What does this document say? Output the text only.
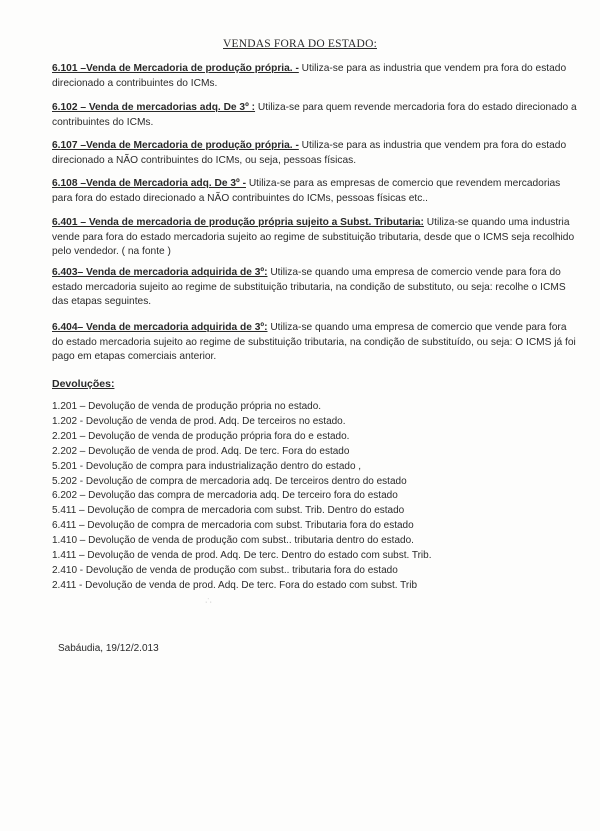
VENDAS FORA DO ESTADO:
6.101 –Venda de Mercadoria de produção própria. - Utiliza-se para as industria que vendem pra fora do estado direcionado a contribuintes do ICMs.
6.102 – Venda de mercadorias adq. De 3º : Utiliza-se para quem revende mercadoria fora do estado direcionado a contribuintes do ICMs.
6.107 –Venda de Mercadoria de produção própria. - Utiliza-se para as industria que vendem pra fora do estado direcionado a NÃO contribuintes do ICMs, ou seja, pessoas físicas.
6.108 –Venda de Mercadoria adq. De 3º - Utiliza-se para as empresas de comercio que revendem mercadorias para fora do estado direcionado a NÃO contribuintes do ICMs, pessoas físicas etc..
6.401 – Venda de mercadoria de produção própria sujeito a Subst. Tributaria: Utiliza-se quando uma industria vende para fora do estado mercadoria sujeito ao regime de substituição tributaria, desde que o ICMS seja recolhido pelo vendedor. ( na fonte )
6.403– Venda de mercadoria adquirida de 3º: Utiliza-se quando uma empresa de comercio vende para fora do estado mercadoria sujeito ao regime de substituição tributaria, na condição de substituto, ou seja: recolhe o ICMS das etapas seguintes.
6.404– Venda de mercadoria adquirida de 3º: Utiliza-se quando uma empresa de comercio que vende para fora do estado mercadoria sujeito ao regime de substituição tributaria, na condição de substituído, ou seja: O ICMS já foi pago em etapas comerciais anterior.
Devoluções:
1.201 – Devolução de venda de produção própria no estado.
1.202 - Devolução de venda de prod. Adq. De terceiros no estado.
2.201 – Devolução de venda de produção própria fora do e estado.
2.202 – Devolução de venda de prod. Adq. De terc. Fora do estado
5.201 - Devolução de compra para industrialização dentro do estado ,
5.202 - Devolução de compra de mercadoria adq. De terceiros dentro do estado
6.202 – Devolução das compra de mercadoria adq. De terceiro fora do estado
5.411 – Devolução de compra de mercadoria com subst. Trib. Dentro do estado
6.411 – Devolução de compra de mercadoria com subst. Tributaria fora do estado
1.410 – Devolução de venda de produção com subst.. tributaria dentro do estado.
1.411 – Devolução de venda de prod. Adq. De terc. Dentro do estado com subst. Trib.
2.410 - Devolução de venda de produção com subst.. tributaria fora do estado
2.411 - Devolução de venda de prod. Adq. De terc. Fora do estado com subst. Trib
·˙·
Sabáudia, 19/12/2.013
